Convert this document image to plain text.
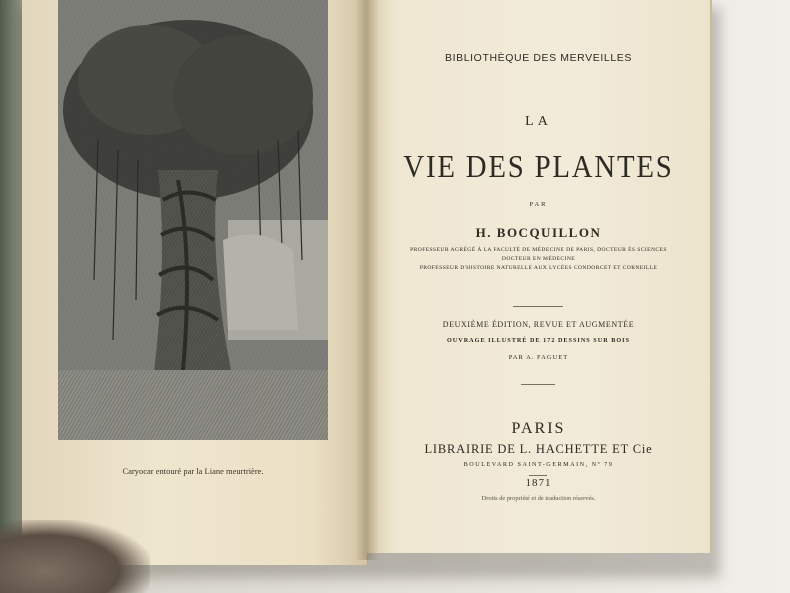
Caryocar entouré par la Liane meurtrière.
BIBLIOTHÈQUE DES MERVEILLES
LA
VIE DES PLANTES
PAR
H. BOCQUILLON
PROFESSEUR AGRÉGÉ À LA FACULTÉ DE MÉDECINE DE PARIS, DOCTEUR ÈS SCIENCES
DOCTEUR EN MÉDECINE
PROFESSEUR D'HISTOIRE NATURELLE AUX LYCÉES CONDORCET ET CORNEILLE
DEUXIÈME ÉDITION, REVUE ET AUGMENTÉE
OUVRAGE ILLUSTRÉ DE 172 DESSINS SUR BOIS
PAR A. FAGUET
PARIS
LIBRAIRIE DE L. HACHETTE ET Cie
BOULEVARD SAINT-GERMAIN, Nº 79
1871
Droits de propriété et de traduction réservés.
